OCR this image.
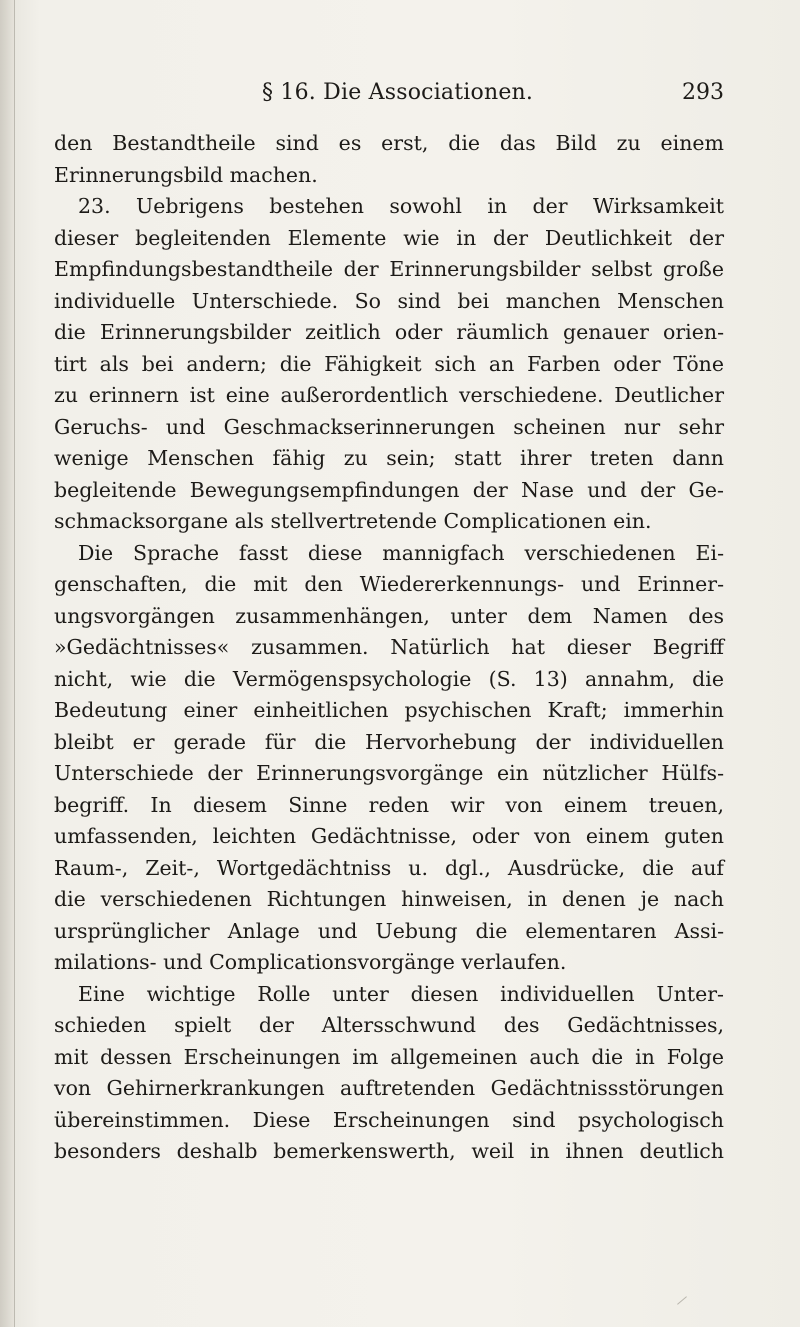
§ 16. Die Associationen.	293
den Bestandtheile sind es erst, die das Bild zu einem
Erinnerungsbild machen.
23. Uebrigens bestehen sowohl in der Wirksamkeit
dieser begleitenden Elemente wie in der Deutlichkeit der
Empfindungsbestandtheile der Erinnerungsbilder selbst große
individuelle Unterschiede. So sind bei manchen Menschen
die Erinnerungsbilder zeitlich oder räumlich genauer orien-
tirt als bei andern; die Fähigkeit sich an Farben oder Töne
zu erinnern ist eine außerordentlich verschiedene. Deutlicher
Geruchs- und Geschmackserinnerungen scheinen nur sehr
wenige Menschen fähig zu sein; statt ihrer treten dann
begleitende Bewegungsempfindungen der Nase und der Ge-
schmacksorgane als stellvertretende Complicationen ein.
Die Sprache fasst diese mannigfach verschiedenen Ei-
genschaften, die mit den Wiedererkennungs- und Erinner-
ungsvorgängen zusammenhängen, unter dem Namen des
»Gedächtnisses« zusammen. Natürlich hat dieser Begriff
nicht, wie die Vermögenspsychologie (S. 13) annahm, die
Bedeutung einer einheitlichen psychischen Kraft; immerhin
bleibt er gerade für die Hervorhebung der individuellen
Unterschiede der Erinnerungsvorgänge ein nützlicher Hülfs-
begriff. In diesem Sinne reden wir von einem treuen,
umfassenden, leichten Gedächtnisse, oder von einem guten
Raum-, Zeit-, Wortgedächtniss u. dgl., Ausdrücke, die auf
die verschiedenen Richtungen hinweisen, in denen je nach
ursprünglicher Anlage und Uebung die elementaren Assi-
milations- und Complicationsvorgänge verlaufen.
Eine wichtige Rolle unter diesen individuellen Unter-
schieden spielt der Altersschwund des Gedächtnisses,
mit dessen Erscheinungen im allgemeinen auch die in Folge
von Gehirnerkrankungen auftretenden Gedächtnissstörungen
übereinstimmen. Diese Erscheinungen sind psychologisch
besonders deshalb bemerkenswerth, weil in ihnen deutlich
